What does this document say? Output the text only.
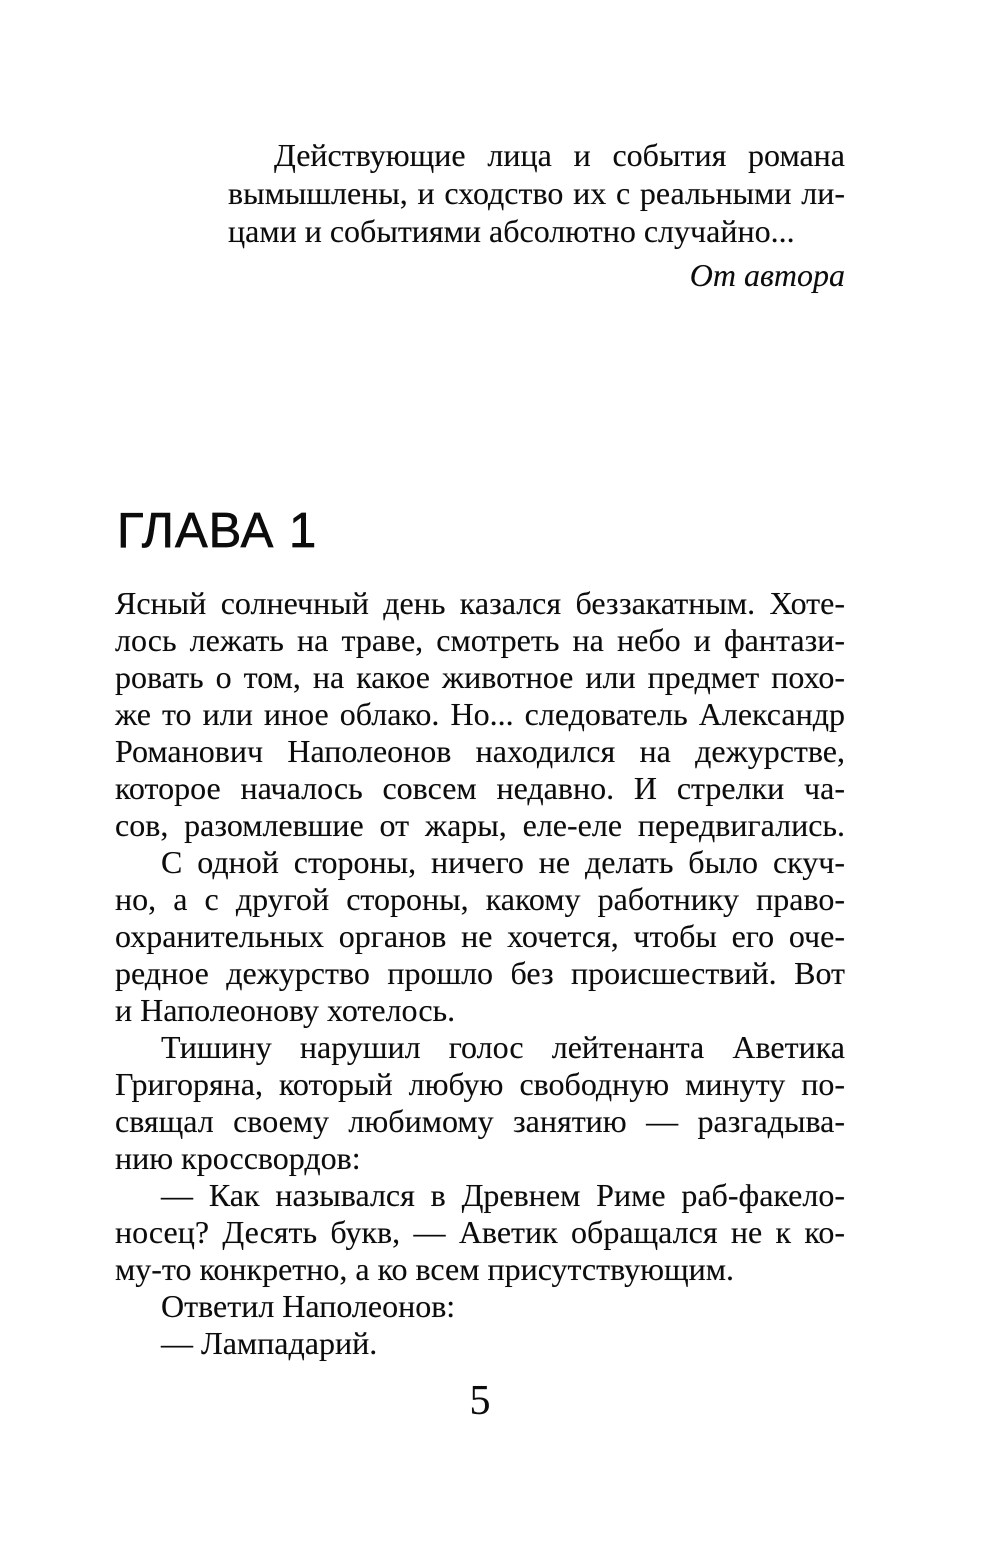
Действующие лица и события романа
вымышлены, и сходство их с реальными ли-
цами и событиями абсолютно случайно...
От автора
ГЛАВА 1
Ясный солнечный день казался беззакатным. Хоте-
лось лежать на траве, смотреть на небо и фантази-
ровать о том, на какое животное или предмет похо-
же то или иное облако. Но... следователь Александр
Романович Наполеонов находился на дежурстве,
которое началось совсем недавно. И стрелки ча-
сов, разомлевшие от жары, еле-еле передвигались.
С одной стороны, ничего не делать было скуч-
но, а с другой стороны, какому работнику право-
охранительных органов не хочется, чтобы его оче-
редное дежурство прошло без происшествий. Вот
и Наполеонову хотелось.
Тишину нарушил голос лейтенанта Аветика
Григоряна, который любую свободную минуту по-
свящал своему любимому занятию — разгадыва-
нию кроссвордов:
— Как назывался в Древнем Риме раб-факело-
носец? Десять букв, — Аветик обращался не к ко-
му-то конкретно, а ко всем присутствующим.
Ответил Наполеонов:
— Лампадарий.
5
